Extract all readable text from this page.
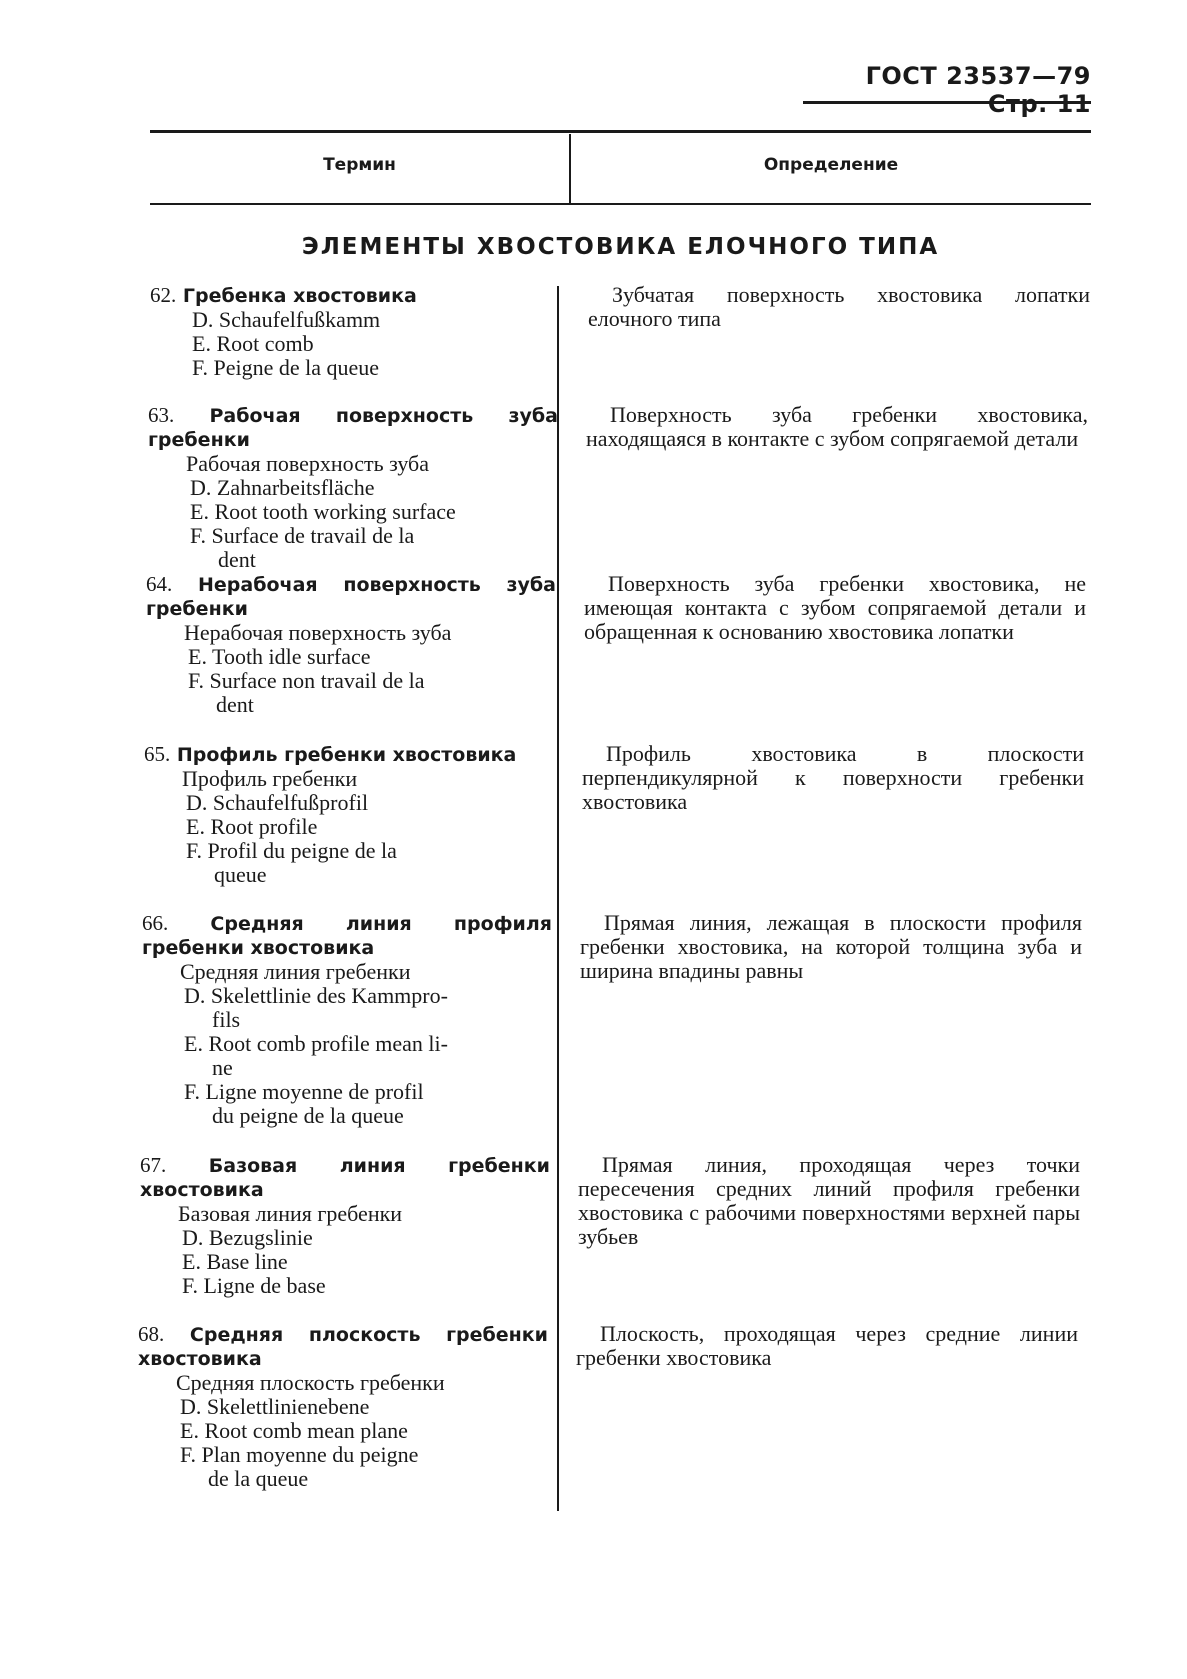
ГОСТ 23537—79 Стр. 11
Термин	Определение
ЭЛЕМЕНТЫ ХВОСТОВИКА ЕЛОЧНОГО ТИПА
62. Гребенка хвостовика
D. Schaufelfußkamm
E. Root comb
F. Peigne de la queue
Зубчатая поверхность хвостовика лопатки елочного типа
63. Рабочая поверхность зуба гребенки
Рабочая поверхность зуба
D. Zahnarbeitsfläche
E. Root tooth working surface
F. Surface de travail de la
dent
Поверхность зуба гребенки хвостовика, находящаяся в контакте с зубом сопрягаемой детали
64. Нерабочая поверхность зуба гребенки
Нерабочая поверхность зуба
E. Tooth idle surface
F. Surface non travail de la
dent
Поверхность зуба гребенки хвостовика, не имеющая контакта с зубом сопрягаемой детали и обращенная к основанию хвостовика лопатки
65. Профиль гребенки хвостовика
Профиль гребенки
D. Schaufelfußprofil
E. Root profile
F. Profil du peigne de la
queue
Профиль хвостовика в плоскости перпендикулярной к поверхности гребенки хвостовика
66. Средняя линия профиля гребенки хвостовика
Средняя линия гребенки
D. Skelettlinie des Kammpro-
fils
E. Root comb profile mean li-
ne
F. Ligne moyenne de profil
du peigne de la queue
Прямая линия, лежащая в плоскости профиля гребенки хвостовика, на которой толщина зуба и ширина впадины равны
67. Базовая линия гребенки хвостовика
Базовая линия гребенки
D. Bezugslinie
E. Base line
F. Ligne de base
Прямая линия, проходящая через точки пересечения средних линий профиля гребенки хвостовика с рабочими поверхностями верхней пары зубьев
68. Средняя плоскость гребенки хвостовика
Средняя плоскость гребенки
D. Skelettlinienebene
E. Root comb mean plane
F. Plan moyenne du peigne
de la queue
Плоскость, проходящая через средние линии гребенки хвостовика
